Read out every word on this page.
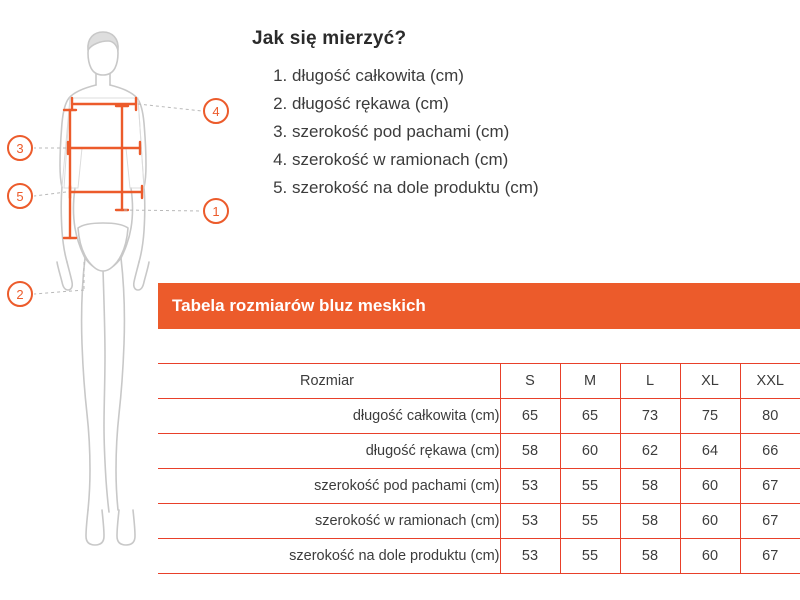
4
3
5
1
2
Jak się mierzyć?
1. długość całkowita (cm)
2. długość rękawa (cm)
3. szerokość pod pachami (cm)
4. szerokość w ramionach (cm)
5. szerokość na dole produktu (cm)
Tabela rozmiarów bluz meskich

Rozmiar	S	M	L	XL	XXL
długość całkowita (cm)	65	65	73	75	80
długość rękawa (cm)	58	60	62	64	66
szerokość pod pachami (cm)	53	55	58	60	67
szerokość w ramionach (cm)	53	55	58	60	67
szerokość na dole produktu (cm)	53	55	58	60	67
